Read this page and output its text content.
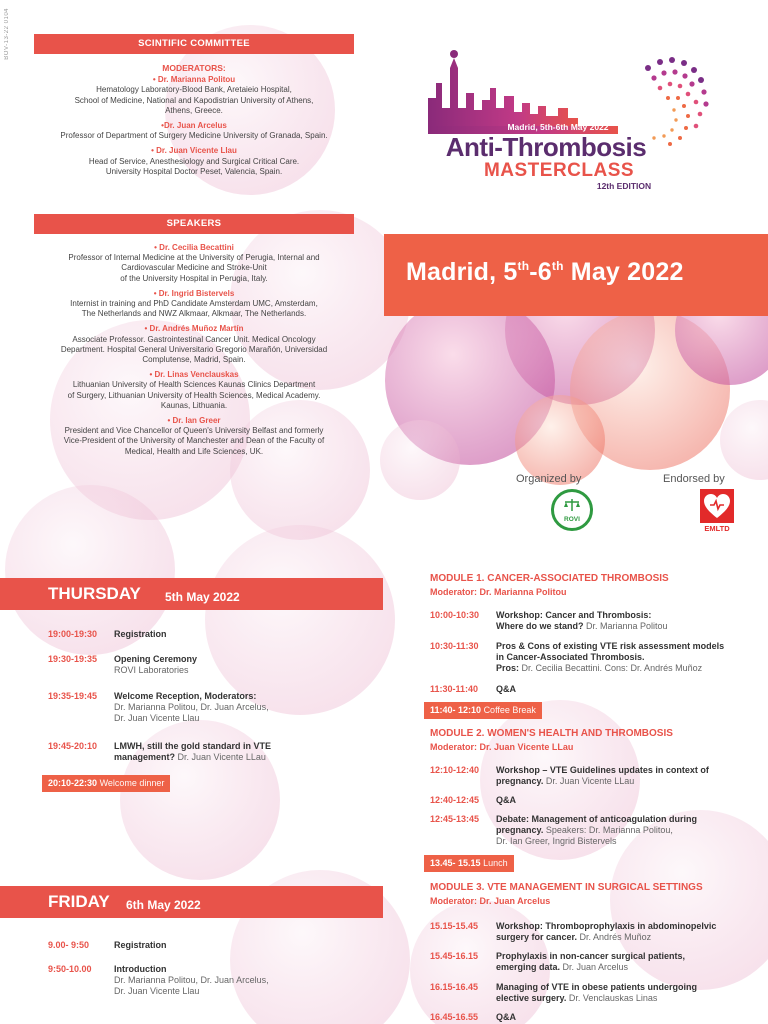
BOV-13-22 0104	SCINTIFIC COMMITTEE
MODERATORS:
• Dr. Marianna Politou
Hematology Laboratory-Blood Bank, Aretaieio Hospital,
School of Medicine, National and Kapodistrian University of Athens,
Athens, Greece.
•Dr. Juan Arcelus
Professor of Department of Surgery Medicine University of Granada, Spain.
• Dr. Juan Vicente Llau
Head of Service, Anesthesiology and Surgical Critical Care.
University Hospital Doctor Peset, Valencia, Spain.
SPEAKERS
• Dr. Cecilia Becattini
Professor of Internal Medicine at the University of Perugia, Internal and
Cardiovascular Medicine and Stroke-Unit
of the University Hospital in Perugia, Italy.
• Dr. Ingrid Bistervels
Internist in training and PhD Candidate Amsterdam UMC, Amsterdam,
The Netherlands and NWZ Alkmaar, Alkmaar, The Netherlands.
• Dr. Andrés Muñoz Martín
Associate Professor. Gastrointestinal Cancer Unit. Medical Oncology
Department. Hospital General Universitario Gregorio Marañón, Universidad
Complutense, Madrid, Spain.
• Dr. Linas Venclauskas
Lithuanian University of Health Sciences Kaunas Clinics Department
of Surgery, Lithuanian University of Health Sciences, Medical Academy.
Kaunas, Lithuania.
• Dr. Ian Greer
President and Vice Chancellor of Queen's University Belfast and formerly
Vice-President of the University of Manchester and Dean of the Faculty of
Medical, Health and Life Sciences, UK.
Madrid, 5th-6th May 2022
Anti-Thrombosis
MASTERCLASS
12th EDITION
Madrid, 5th-6th May 2022
Organized by	Endorsed by
ROVI
EMLTD
THURSDAY 5th May 2022
19:00-19:30 Registration
19:30-19:35 Opening Ceremony
ROVI Laboratories
19:35-19:45 Welcome Reception, Moderators:
Dr. Marianna Politou, Dr. Juan Arcelus,
Dr. Juan Vicente Llau
19:45-20:10 LMWH, still the gold standard in VTE management? Dr. Juan Vicente LLau
20:10-22:30 Welcome dinner
FRIDAY 6th May 2022
9.00- 9:50	Registration
9:50-10.00 Introduction
Dr. Marianna Politou, Dr. Juan Arcelus,
Dr. Juan Vicente Llau
MODULE 1. CANCER-ASSOCIATED THROMBOSIS
Moderator: Dr. Marianna Politou
10:00-10:30 Workshop: Cancer and Thrombosis:
Where do we stand? Dr. Marianna Politou
10:30-11:30 Pros & Cons of existing VTE risk assessment models in Cancer-Associated Thrombosis.
Pros: Dr. Cecilia Becattini. Cons: Dr. Andrés Muñoz
11:30-11:40 Q&A
11:40- 12:10 Coffee Break
MODULE 2. WOMEN'S HEALTH AND THROMBOSIS
Moderator: Dr. Juan Vicente LLau
12:10-12:40 Workshop – VTE Guidelines updates in context of pregnancy. Dr. Juan Vicente LLau
12:40-12:45 Q&A
12:45-13:45 Debate: Management of anticoagulation during pregnancy. Speakers: Dr. Marianna Politou,
Dr. Ian Greer, Ingrid Bistervels
13.45- 15.15 Lunch
MODULE 3. VTE MANAGEMENT IN SURGICAL SETTINGS
Moderator: Dr. Juan Arcelus
15.15-15.45 Workshop: Thromboprophylaxis in abdominopelvic surgery for cancer. Dr. Andrés Muñoz
15.45-16.15 Prophylaxis in non-cancer surgical patients, emerging data. Dr. Juan Arcelus
16.15-16.45 Managing of VTE in obese patients undergoing elective surgery. Dr. Venclauskas Linas
16.45-16.55 Q&A
